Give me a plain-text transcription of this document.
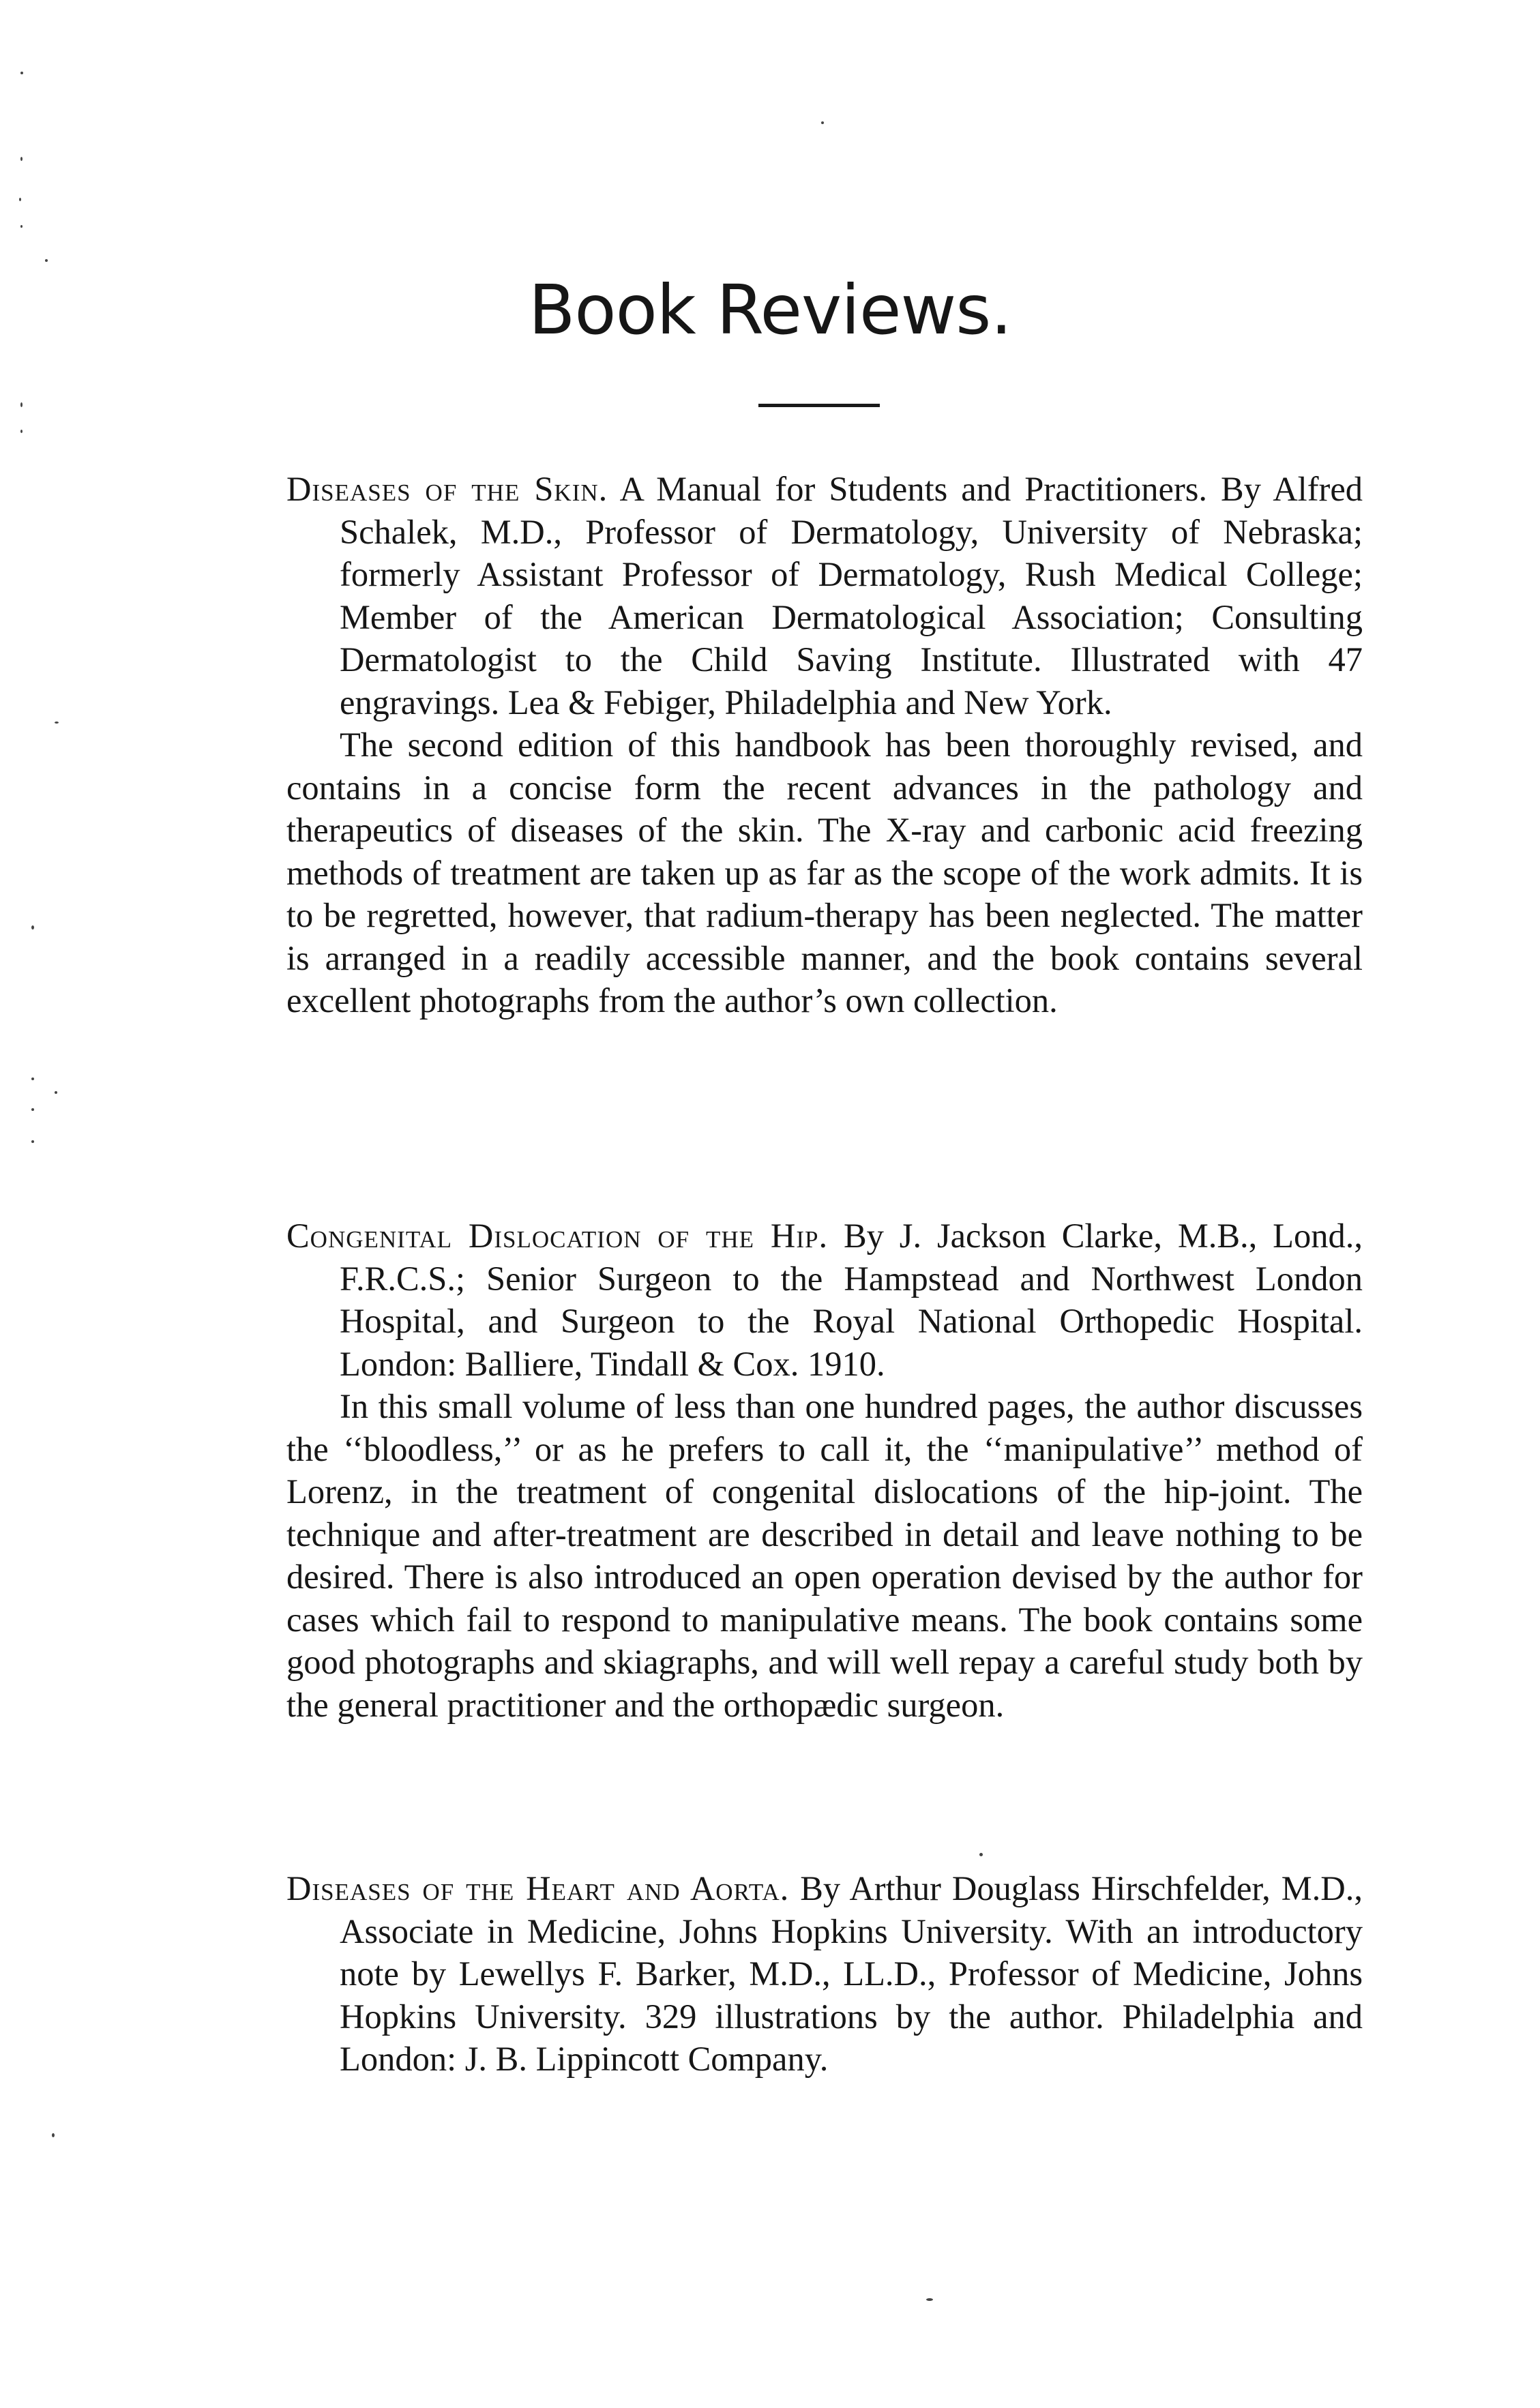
Book Reviews.

Diseases of the Skin. A Manual for Students and Practitioners. By Alfred Schalek, M.D., Professor of Dermatology, University of Nebraska; formerly Assistant Professor of Dermatology, Rush Medical College; Member of the American Dermatological Association; Consulting Dermatologist to the Child Saving Institute. Illustrated with 47 engravings. Lea & Febiger, Philadelphia and New York.

The second edition of this handbook has been thoroughly revised, and contains in a concise form the recent advances in the pathology and therapeutics of diseases of the skin. The X-ray and carbonic acid freezing methods of treatment are taken up as far as the scope of the work admits. It is to be regretted, however, that radium-therapy has been neglected. The matter is arranged in a readily accessible manner, and the book contains several excellent photographs from the author’s own collection.

Congenital Dislocation of the Hip. By J. Jackson Clarke, M.B., Lond., F.R.C.S.; Senior Surgeon to the Hampstead and Northwest London Hospital, and Surgeon to the Royal National Orthopedic Hospital. London: Balliere, Tindall & Cox. 1910.

In this small volume of less than one hundred pages, the author discusses the ‘‘bloodless,’’ or as he prefers to call it, the ‘‘manipulative’’ method of Lorenz, in the treatment of congenital dislocations of the hip-joint. The technique and after-treatment are described in detail and leave nothing to be desired. There is also introduced an open operation devised by the author for cases which fail to respond to manipulative means. The book contains some good photographs and skiagraphs, and will well repay a careful study both by the general practitioner and the orthopædic surgeon.

Diseases of the Heart and Aorta. By Arthur Douglass Hirschfelder, M.D., Associate in Medicine, Johns Hopkins University. With an introductory note by Lewellys F. Barker, M.D., LL.D., Professor of Medicine, Johns Hopkins University. 329 illustrations by the author. Philadelphia and London: J. B. Lippincott Company.
